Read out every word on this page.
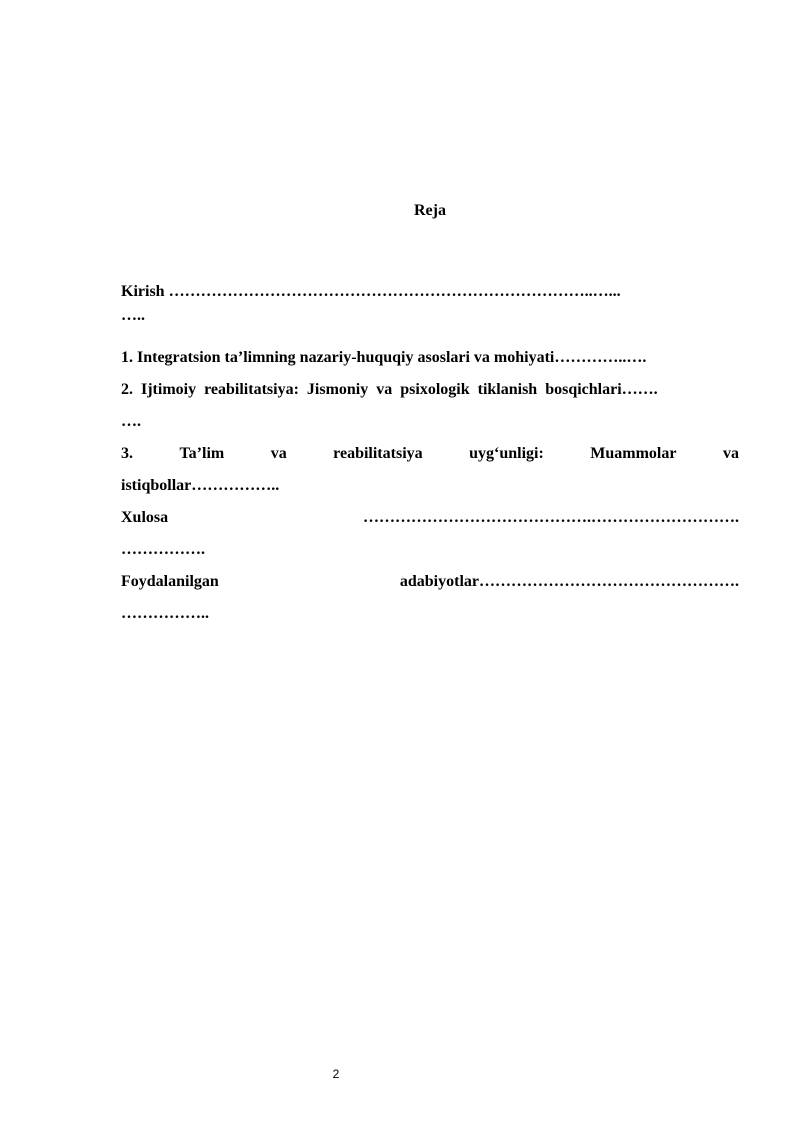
Reja
Kirish ……………………………………………………………………..…...
…..
1. Integratsion ta’limning nazariy-huquqiy asoslari va mohiyati…………..….
2. Ijtimoiy reabilitatsiya: Jismoniy va psixologik tiklanish bosqichlari…….
….
3.	Ta’lim	va	reabilitatsiya	uyg‘unligi:	Muammolar	va
istiqbollar……………..
Xulosa	…………………………………….……………………….
…………….
Foydalanilgan	adabiyotlar………………………………………….
……………..
2
